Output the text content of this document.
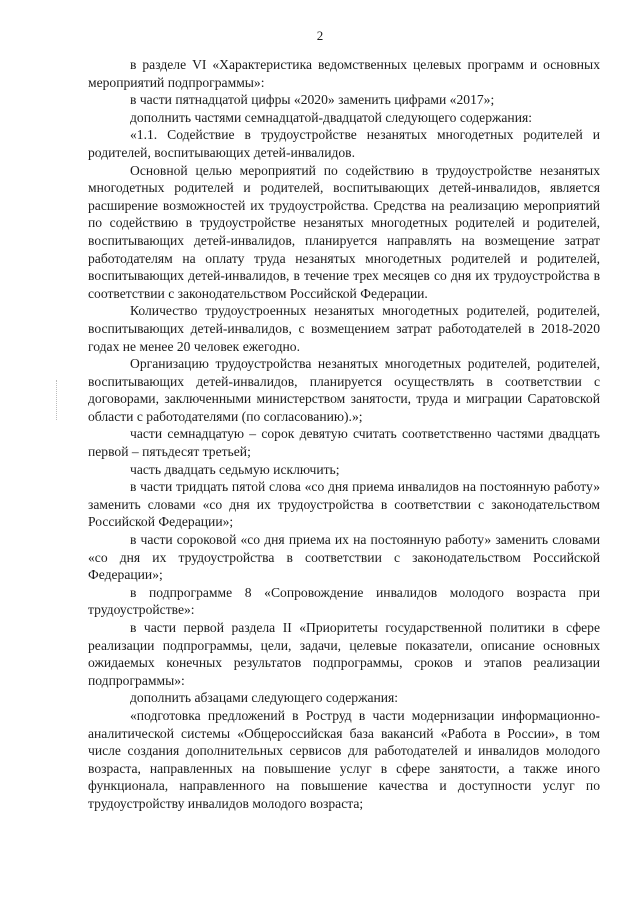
2

в разделе VI «Характеристика ведомственных целевых программ и основных мероприятий подпрограммы»:

в части пятнадцатой цифры «2020» заменить цифрами «2017»;

дополнить частями семнадцатой-двадцатой следующего содержания:

«1.1. Содействие в трудоустройстве незанятых многодетных родителей и родителей, воспитывающих детей-инвалидов.

Основной целью мероприятий по содействию в трудоустройстве незанятых многодетных родителей и родителей, воспитывающих детей-инвалидов, является расширение возможностей их трудоустройства. Средства на реализацию мероприятий по содействию в трудоустройстве незанятых многодетных родителей и родителей, воспитывающих детей-инвалидов, планируется направлять на возмещение затрат работодателям на оплату труда незанятых многодетных родителей и родителей, воспитывающих детей-инвалидов, в течение трех месяцев со дня их трудоустройства в соответствии с законодательством Российской Федерации.

Количество трудоустроенных незанятых многодетных родителей, родителей, воспитывающих детей-инвалидов, с возмещением затрат работодателей в 2018-2020 годах не менее 20 человек ежегодно.

Организацию трудоустройства незанятых многодетных родителей, родителей, воспитывающих детей-инвалидов, планируется осуществлять в соответствии с договорами, заключенными министерством занятости, труда и миграции Саратовской области с работодателями (по согласованию).»;

части семнадцатую – сорок девятую считать соответственно частями двадцать первой – пятьдесят третьей;

часть двадцать седьмую исключить;

в части тридцать пятой слова «со дня приема инвалидов на постоянную работу» заменить словами «со дня их трудоустройства в соответствии с законодательством Российской Федерации»;

в части сороковой «со дня приема их на постоянную работу» заменить словами «со дня их трудоустройства в соответствии с законодательством Российской Федерации»;

в подпрограмме 8 «Сопровождение инвалидов молодого возраста при трудоустройстве»:

в части первой раздела II «Приоритеты государственной политики в сфере реализации подпрограммы, цели, задачи, целевые показатели, описание основных ожидаемых конечных результатов подпрограммы, сроков и этапов реализации подпрограммы»:

дополнить абзацами следующего содержания:

«подготовка предложений в Роструд в части модернизации информационно-аналитической системы «Общероссийская база вакансий «Работа в России», в том числе создания дополнительных сервисов для работодателей и инвалидов молодого возраста, направленных на повышение услуг в сфере занятости, а также иного функционала, направленного на повышение качества и доступности услуг по трудоустройству инвалидов молодого возраста;
